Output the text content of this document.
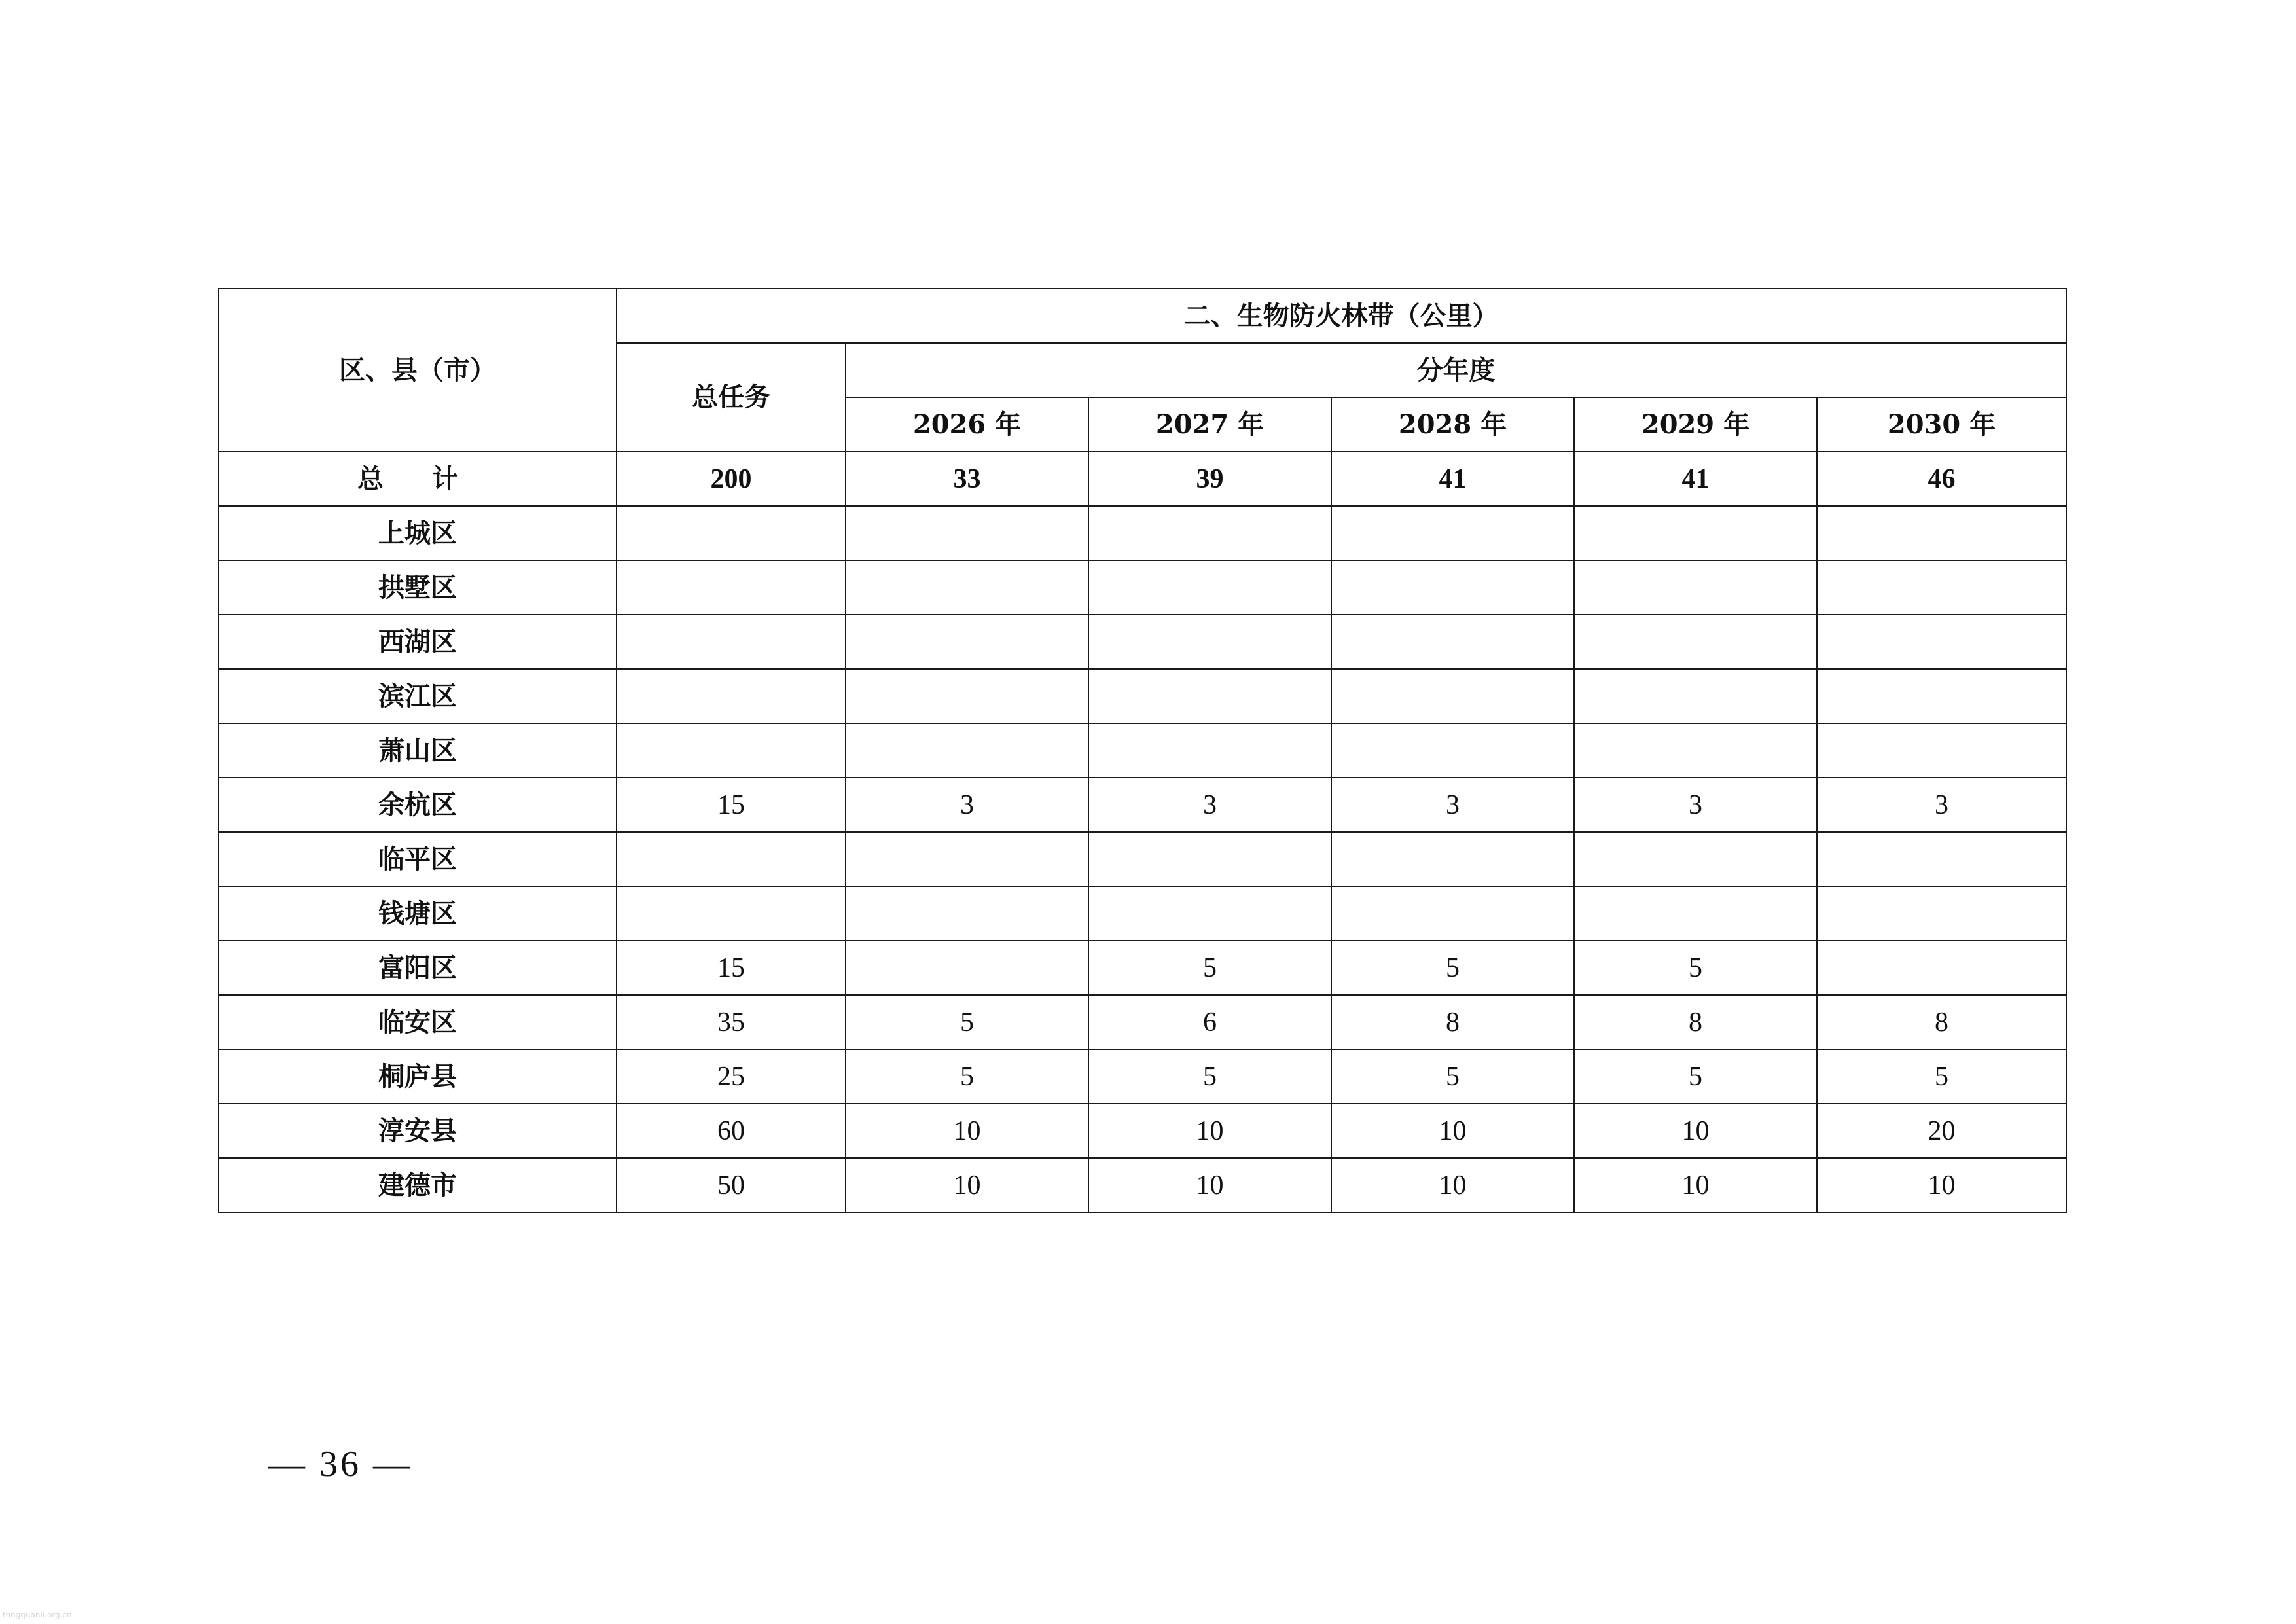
区、县（市）	二、生物防火林带（公里）					
	总任务	分年度				
		2026 年	2027 年	2028 年	2029 年	2030 年
总 计	200	33	39	41	41	46
上城区						
拱墅区						
西湖区						
滨江区						
萧山区						
余杭区	15	3	3	3	3	3
临平区						
钱塘区						
富阳区	15		5	5	5	
临安区	35	5	6	8	8	8
桐庐县	25	5	5	5	5	5
淳安县	60	10	10	10	10	20
建德市	50	10	10	10	10	10
— 36 —
tongquanli.org.cn
